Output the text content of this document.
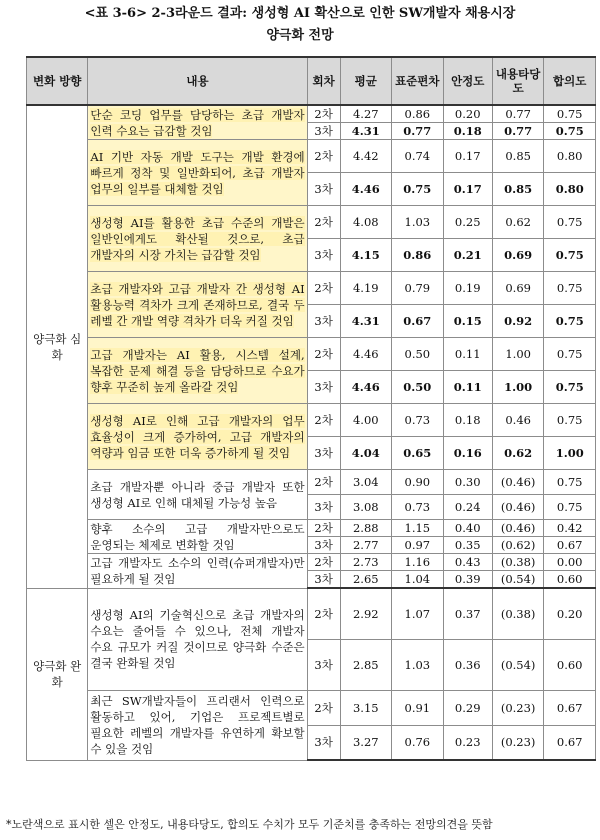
<표 3-6> 2-3라운드 결과: 생성형 AI 확산으로 인한 SW개발자 채용시장
양극화 전망
변화 방향	내용	회차	평균	표준편차	안정도	내용타당도	합의도
양극화 심화	단순 코딩 업무를 담당하는 초급 개발자 인력 수요는 급감할 것임	2차	4.27	0.86	0.20	0.77	0.75
		3차	4.31	0.77	0.18	0.77	0.75
	AI 기반 자동 개발 도구는 개발 환경에 빠르게 정착 및 일반화되어, 초급 개발자 업무의 일부를 대체할 것임	2차	4.42	0.74	0.17	0.85	0.80
		3차	4.46	0.75	0.17	0.85	0.80
	생성형 AI를 활용한 초급 수준의 개발은 일반인에게도 확산될 것으로, 초급 개발자의 시장 가치는 급감할 것임	2차	4.08	1.03	0.25	0.62	0.75
		3차	4.15	0.86	0.21	0.69	0.75
	초급 개발자와 고급 개발자 간 생성형 AI 활용능력 격차가 크게 존재하므로, 결국 두 레벨 간 개발 역량 격차가 더욱 커질 것임	2차	4.19	0.79	0.19	0.69	0.75
		3차	4.31	0.67	0.15	0.92	0.75
	고급 개발자는 AI 활용, 시스템 설계, 복잡한 문제 해결 등을 담당하므로 수요가 향후 꾸준히 높게 올라갈 것임	2차	4.46	0.50	0.11	1.00	0.75
		3차	4.46	0.50	0.11	1.00	0.75
	생성형 AI로 인해 고급 개발자의 업무 효율성이 크게 증가하여, 고급 개발자의 역량과 임금 또한 더욱 증가하게 될 것임	2차	4.00	0.73	0.18	0.46	0.75
		3차	4.04	0.65	0.16	0.62	1.00
	초급 개발자뿐 아니라 중급 개발자 또한 생성형 AI로 인해 대체될 가능성 높음	2차	3.04	0.90	0.30	(0.46)	0.75
		3차	3.08	0.73	0.24	(0.46)	0.75
	향후 소수의 고급 개발자만으로도 운영되는 체제로 변화할 것임	2차	2.88	1.15	0.40	(0.46)	0.42
		3차	2.77	0.97	0.35	(0.62)	0.67
	고급 개발자도 소수의 인력(슈퍼개발자)만 필요하게 될 것임	2차	2.73	1.16	0.43	(0.38)	0.00
		3차	2.65	1.04	0.39	(0.54)	0.60
양극화 완화	생성형 AI의 기술혁신으로 초급 개발자의 수요는 줄어들 수 있으나, 전체 개발자 수요 규모가 커질 것이므로 양극화 수준은 결국 완화될 것임	2차	2.92	1.07	0.37	(0.38)	0.20
		3차	2.85	1.03	0.36	(0.54)	0.60
	최근 SW개발자들이 프리랜서 인력으로 활동하고 있어, 기업은 프로젝트별로 필요한 레벨의 개발자를 유연하게 확보할 수 있을 것임	2차	3.15	0.91	0.29	(0.23)	0.67
		3차	3.27	0.76	0.23	(0.23)	0.67
*노란색으로 표시한 셀은 안정도, 내용타당도, 합의도 수치가 모두 기준치를 충족하는 전망의견을 뜻함
